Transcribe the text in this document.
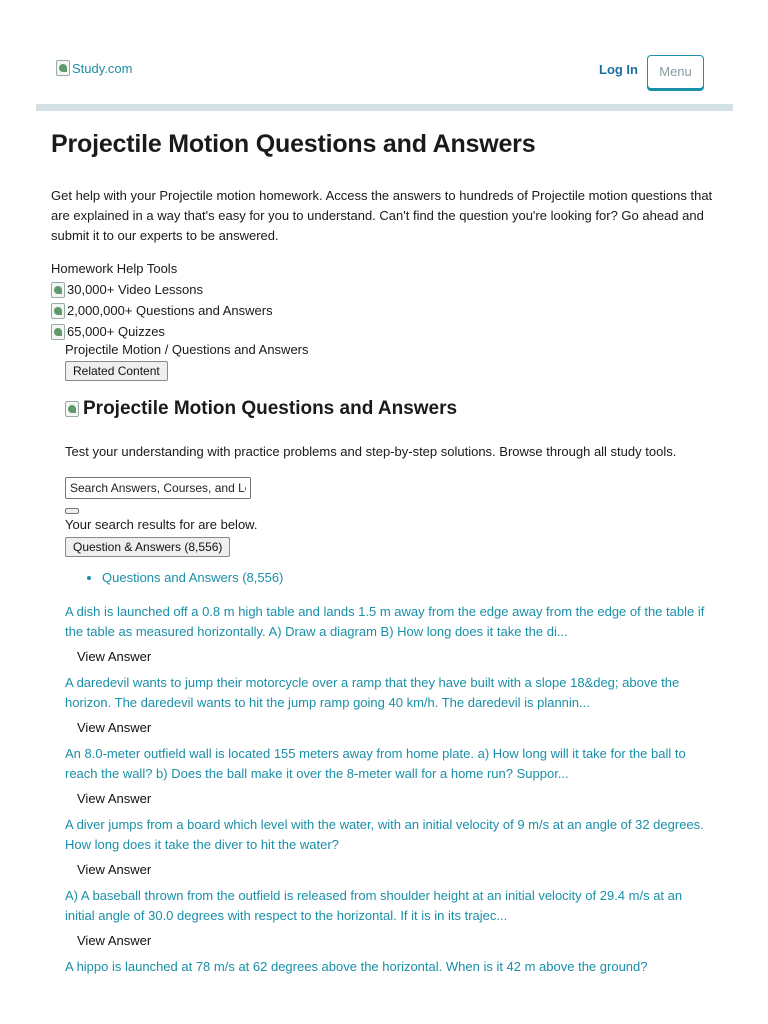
Study.com	Log In	Menu
Projectile Motion Questions and Answers

Get help with your Projectile motion homework. Access the answers to hundreds of Projectile motion questions that are explained in a way that's easy for you to understand. Can't find the question you're looking for? Go ahead and submit it to our experts to be answered.

Homework Help Tools
30,000+ Video Lessons
2,000,000+ Questions and Answers
65,000+ Quizzes
Projectile Motion / Questions and Answers
Related Content
Projectile Motion Questions and Answers
Test your understanding with practice problems and step-by-step solutions. Browse through all study tools.
Search Answers, Courses, and Lessons
Your search results for are below.
Question & Answers (8,556)
• Questions and Answers (8,556)
A dish is launched off a 0.8 m high table and lands 1.5 m away from the edge away from the edge of the table if the table as measured horizontally. A) Draw a diagram B) How long does it take the di...
View Answer
A daredevil wants to jump their motorcycle over a ramp that they have built with a slope 18&deg; above the horizon. The daredevil wants to hit the jump ramp going 40 km/h. The daredevil is plannin...
View Answer
An 8.0-meter outfield wall is located 155 meters away from home plate. a) How long will it take for the ball to reach the wall? b) Does the ball make it over the 8-meter wall for a home run? Suppor...
View Answer
A diver jumps from a board which level with the water, with an initial velocity of 9 m/s at an angle of 32 degrees. How long does it take the diver to hit the water?
View Answer
A) A baseball thrown from the outfield is released from shoulder height at an initial velocity of 29.4 m/s at an initial angle of 30.0 degrees with respect to the horizontal. If it is in its trajec...
View Answer
A hippo is launched at 78 m/s at 62 degrees above the horizontal. When is it 42 m above the ground?
